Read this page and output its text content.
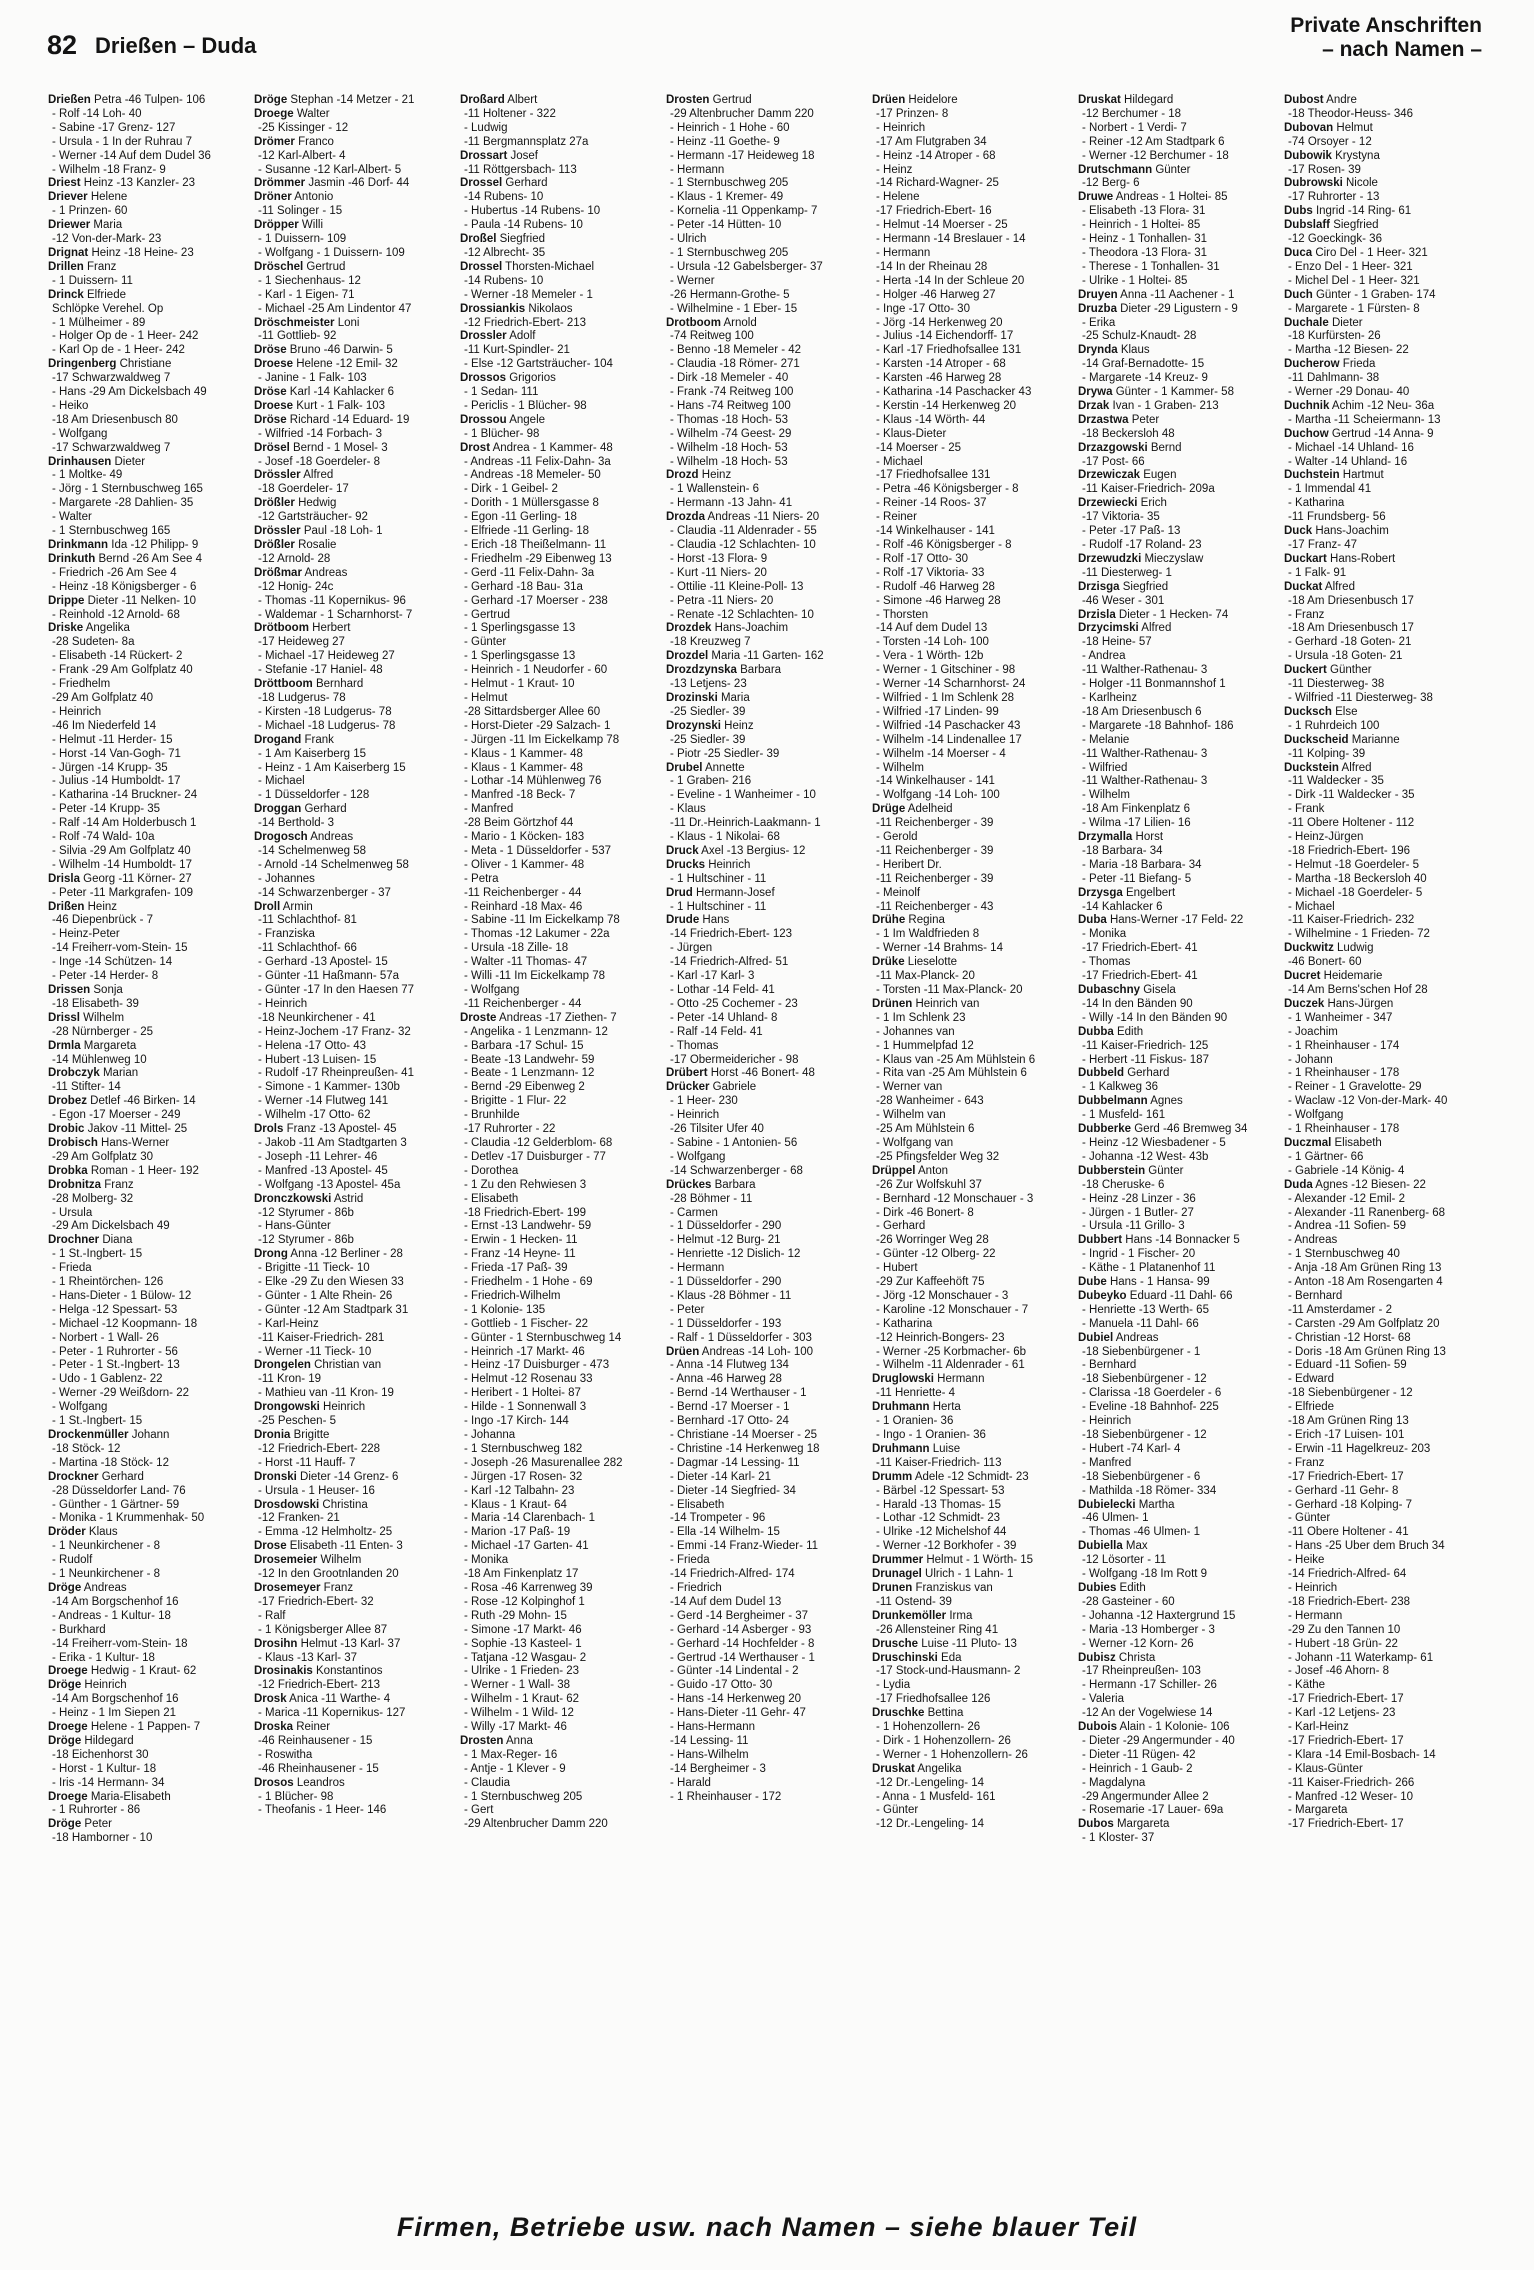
82 Drießen – Duda
Private Anschriften
– nach Namen –
Drießen Petra -46 Tulpen- 106
- Rolf -14 Loh- 40
- Sabine -17 Grenz- 127
- Ursula - 1 In der Ruhrau 7
- Werner -14 Auf dem Dudel 36
- Wilhelm -18 Franz- 9
Driest Heinz -13 Kanzler- 23
Driever Helene
- 1 Prinzen- 60
Driewer Maria
-12 Von-der-Mark- 23
Drignat Heinz -18 Heine- 23
Drillen Franz
- 1 Duissern- 11
Drinck Elfriede
Schlöpke Verehel. Op
- 1 Mülheimer - 89
- Holger Op de - 1 Heer- 242
- Karl Op de - 1 Heer- 242
Dringenberg Christiane
-17 Schwarzwaldweg 7
- Hans -29 Am Dickelsbach 49
- Heiko
-18 Am Driesenbusch 80
- Wolfgang
-17 Schwarzwaldweg 7
Drinhausen Dieter
- 1 Moltke- 49
- Jörg - 1 Sternbuschweg 165
- Margarete -28 Dahlien- 35
- Walter
- 1 Sternbuschweg 165
Drinkmann Ida -12 Philipp- 9
Drinkuth Bernd -26 Am See 4
- Friedrich -26 Am See 4
- Heinz -18 Königsberger - 6
Drippe Dieter -11 Nelken- 10
- Reinhold -12 Arnold- 68
Driske Angelika
-28 Sudeten- 8a
- Elisabeth -14 Rückert- 2
- Frank -29 Am Golfplatz 40
- Friedhelm
-29 Am Golfplatz 40
- Heinrich
-46 Im Niederfeld 14
- Helmut -11 Herder- 15
- Horst -14 Van-Gogh- 71
- Jürgen -14 Krupp- 35
- Julius -14 Humboldt- 17
- Katharina -14 Bruckner- 24
- Peter -14 Krupp- 35
- Ralf -14 Am Holderbusch 1
- Rolf -74 Wald- 10a
- Silvia -29 Am Golfplatz 40
- Wilhelm -14 Humboldt- 17
Drisla Georg -11 Körner- 27
- Peter -11 Markgrafen- 109
Drißen Heinz
-46 Diepenbrück - 7
- Heinz-Peter
-14 Freiherr-vom-Stein- 15
- Inge -14 Schützen- 14
- Peter -14 Herder- 8
Drissen Sonja
-18 Elisabeth- 39
Drissl Wilhelm
-28 Nürnberger - 25
Drmla Margareta
-14 Mühlenweg 10
Drobczyk Marian
-11 Stifter- 14
Drobez Detlef -46 Birken- 14
- Egon -17 Moerser - 249
Drobic Jakov -11 Mittel- 25
Drobisch Hans-Werner
-29 Am Golfplatz 30
Drobka Roman - 1 Heer- 192
Drobnitza Franz
-28 Molberg- 32
- Ursula
-29 Am Dickelsbach 49
Drochner Diana
- 1 St.-Ingbert- 15
- Frieda
- 1 Rheintörchen- 126
- Hans-Dieter - 1 Bülow- 12
- Helga -12 Spessart- 53
- Michael -12 Koopmann- 18
- Norbert - 1 Wall- 26
- Peter - 1 Ruhrorter - 56
- Peter - 1 St.-Ingbert- 13
- Udo - 1 Gablenz- 22
- Werner -29 Weißdorn- 22
- Wolfgang
- 1 St.-Ingbert- 15
Drockenmüller Johann
-18 Stöck- 12
- Martina -18 Stöck- 12
Drockner Gerhard
-28 Düsseldorfer Land- 76
- Günther - 1 Gärtner- 59
- Monika - 1 Krummenhak- 50
Dröder Klaus
- 1 Neunkirchener - 8
- Rudolf
- 1 Neunkirchener - 8
Dröge Andreas
-14 Am Borgschenhof 16
- Andreas - 1 Kultur- 18
- Burkhard
-14 Freiherr-vom-Stein- 18
- Erika - 1 Kultur- 18
Droege Hedwig - 1 Kraut- 62
Dröge Heinrich
-14 Am Borgschenhof 16
- Heinz - 1 Im Siepen 21
Droege Helene - 1 Pappen- 7
Dröge Hildegard
-18 Eichenhorst 30
- Horst - 1 Kultur- 18
- Iris -14 Hermann- 34
Droege Maria-Elisabeth
- 1 Ruhrorter - 86
Dröge Peter
-18 Hamborner - 10
Dröge Stephan -14 Metzer - 21
Droege Walter
-25 Kissinger - 12
Drömer Franco
-12 Karl-Albert- 4
- Susanne -12 Karl-Albert- 5
Drömmer Jasmin -46 Dorf- 44
Dröner Antonio
-11 Solinger - 15
Dröpper Willi
- 1 Duissern- 109
- Wolfgang - 1 Duissern- 109
Dröschel Gertrud
- 1 Siechenhaus- 12
- Karl - 1 Eigen- 71
- Michael -25 Am Lindentor 47
Dröschmeister Loni
-11 Gottlieb- 92
Dröse Bruno -46 Darwin- 5
Droese Helene -12 Emil- 32
- Janine - 1 Falk- 103
Dröse Karl -14 Kahlacker 6
Droese Kurt - 1 Falk- 103
Dröse Richard -14 Eduard- 19
- Wilfried -14 Forbach- 3
Drösel Bernd - 1 Mosel- 3
- Josef -18 Goerdeler- 8
Drössler Alfred
-18 Goerdeler- 17
Drößler Hedwig
-12 Gartsträucher- 92
Drössler Paul -18 Loh- 1
Drößler Rosalie
-12 Arnold- 28
Drößmar Andreas
-12 Honig- 24c
- Thomas -11 Kopernikus- 96
- Waldemar - 1 Scharnhorst- 7
Drötboom Herbert
-17 Heideweg 27
- Michael -17 Heideweg 27
- Stefanie -17 Haniel- 48
Dröttboom Bernhard
-18 Ludgerus- 78
- Kirsten -18 Ludgerus- 78
- Michael -18 Ludgerus- 78
Drogand Frank
- 1 Am Kaiserberg 15
- Heinz - 1 Am Kaiserberg 15
- Michael
- 1 Düsseldorfer - 128
Droggan Gerhard
-14 Berthold- 3
Drogosch Andreas
-14 Schelmenweg 58
- Arnold -14 Schelmenweg 58
- Johannes
-14 Schwarzenberger - 37
Droll Armin
-11 Schlachthof- 81
- Franziska
-11 Schlachthof- 66
- Gerhard -13 Apostel- 15
- Günter -11 Haßmann- 57a
- Günter -17 In den Haesen 77
- Heinrich
-18 Neunkirchener - 41
- Heinz-Jochem -17 Franz- 32
- Helena -17 Otto- 43
- Hubert -13 Luisen- 15
- Rudolf -17 Rheinpreußen- 41
- Simone - 1 Kammer- 130b
- Werner -14 Flutweg 141
- Wilhelm -17 Otto- 62
Drols Franz -13 Apostel- 45
- Jakob -11 Am Stadtgarten 3
- Joseph -11 Lehrer- 46
- Manfred -13 Apostel- 45
- Wolfgang -13 Apostel- 45a
Dronczkowski Astrid
-12 Styrumer - 86b
- Hans-Günter
-12 Styrumer - 86b
Drong Anna -12 Berliner - 28
- Brigitte -11 Tieck- 10
- Elke -29 Zu den Wiesen 33
- Günter - 1 Alte Rhein- 26
- Günter -12 Am Stadtpark 31
- Karl-Heinz
-11 Kaiser-Friedrich- 281
- Werner -11 Tieck- 10
Drongelen Christian van
-11 Kron- 19
- Mathieu van -11 Kron- 19
Drongowski Heinrich
-25 Peschen- 5
Dronia Brigitte
-12 Friedrich-Ebert- 228
- Horst -11 Hauff- 7
Dronski Dieter -14 Grenz- 6
- Ursula - 1 Heuser- 16
Drosdowski Christina
-12 Franken- 21
- Emma -12 Helmholtz- 25
Drose Elisabeth -11 Enten- 3
Drosemeier Wilhelm
-12 In den Grootnlanden 20
Drosemeyer Franz
-17 Friedrich-Ebert- 32
- Ralf
- 1 Königsberger Allee 87
Drosihn Helmut -13 Karl- 37
- Klaus -13 Karl- 37
Drosinakis Konstantinos
-12 Friedrich-Ebert- 213
Drosk Anica -11 Warthe- 4
- Marica -11 Kopernikus- 127
Droska Reiner
-46 Reinhausener - 15
- Roswitha
-46 Rheinhausener - 15
Drosos Leandros
- 1 Blücher- 98
- Theofanis - 1 Heer- 146
Droßard Albert
-11 Holtener - 322
- Ludwig
-11 Bergmannsplatz 27a
Drossart Josef
-11 Röttgersbach- 113
Drossel Gerhard
-14 Rubens- 10
- Hubertus -14 Rubens- 10
- Paula -14 Rubens- 10
Droßel Siegfried
-12 Albrecht- 35
Drossel Thorsten-Michael
-14 Rubens- 10
- Werner -18 Memeler - 1
Drossiankis Nikolaos
-12 Friedrich-Ebert- 213
Drossler Adolf
-11 Kurt-Spindler- 21
- Else -12 Gartsträucher- 104
Drossos Grigorios
- 1 Sedan- 111
- Periclis - 1 Blücher- 98
Drossou Angele
- 1 Blücher- 98
Drost Andrea - 1 Kammer- 48
- Andreas -11 Felix-Dahn- 3a
- Andreas -18 Memeler- 50
- Dirk - 1 Geibel- 2
- Dorith - 1 Müllersgasse 8
- Egon -11 Gerling- 18
- Elfriede -11 Gerling- 18
- Erich -18 Theißelmann- 11
- Friedhelm -29 Eibenweg 13
- Gerd -11 Felix-Dahn- 3a
- Gerhard -18 Bau- 31a
- Gerhard -17 Moerser - 238
- Gertrud
- 1 Sperlingsgasse 13
- Günter
- 1 Sperlingsgasse 13
- Heinrich - 1 Neudorfer - 60
- Helmut - 1 Kraut- 10
- Helmut
-28 Sittardsberger Allee 60
- Horst-Dieter -29 Salzach- 1
- Jürgen -11 Im Eickelkamp 78
- Klaus - 1 Kammer- 48
- Klaus - 1 Kammer- 48
- Lothar -14 Mühlenweg 76
- Manfred -18 Beck- 7
- Manfred
-28 Beim Görtzhof 44
- Mario - 1 Köcken- 183
- Meta - 1 Düsseldorfer - 537
- Oliver - 1 Kammer- 48
- Petra
-11 Reichenberger - 44
- Reinhard -18 Max- 46
- Sabine -11 Im Eickelkamp 78
- Thomas -12 Lakumer - 22a
- Ursula -18 Zille- 18
- Walter -11 Thomas- 47
- Willi -11 Im Eickelkamp 78
- Wolfgang
-11 Reichenberger - 44
Droste Andreas -17 Ziethen- 7
- Angelika - 1 Lenzmann- 12
- Barbara -17 Schul- 15
- Beate -13 Landwehr- 59
- Beate - 1 Lenzmann- 12
- Bernd -29 Eibenweg 2
- Brigitte - 1 Flur- 22
- Brunhilde
-17 Ruhrorter - 22
- Claudia -12 Gelderblom- 68
- Detlev -17 Duisburger - 77
- Dorothea
- 1 Zu den Rehwiesen 3
- Elisabeth
-18 Friedrich-Ebert- 199
- Ernst -13 Landwehr- 59
- Erwin - 1 Hecken- 11
- Franz -14 Heyne- 11
- Frieda -17 Paß- 39
- Friedhelm - 1 Hohe - 69
- Friedrich-Wilhelm
- 1 Kolonie- 135
- Gottlieb - 1 Fischer- 22
- Günter - 1 Sternbuschweg 14
- Heinrich -17 Markt- 46
- Heinz -17 Duisburger - 473
- Helmut -12 Rosenau 33
- Heribert - 1 Holtei- 87
- Hilde - 1 Sonnenwall 3
- Ingo -17 Kirch- 144
- Johanna
- 1 Sternbuschweg 182
- Joseph -26 Masurenallee 282
- Jürgen -17 Rosen- 32
- Karl -12 Talbahn- 23
- Klaus - 1 Kraut- 64
- Maria -14 Clarenbach- 1
- Marion -17 Paß- 19
- Michael -17 Garten- 41
- Monika
-18 Am Finkenplatz 17
- Rosa -46 Karrenweg 39
- Rose -12 Kolpinghof 1
- Ruth -29 Mohn- 15
- Simone -17 Markt- 46
- Sophie -13 Kasteel- 1
- Tatjana -12 Wasgau- 2
- Ulrike - 1 Frieden- 23
- Werner - 1 Wall- 38
- Wilhelm - 1 Kraut- 62
- Wilhelm - 1 Wild- 12
- Willy -17 Markt- 46
Drosten Anna
- 1 Max-Reger- 16
- Antje - 1 Klever - 9
- Claudia
- 1 Sternbuschweg 205
- Gert
-29 Altenbrucher Damm 220
Drosten Gertrud
-29 Altenbrucher Damm 220
- Heinrich - 1 Hohe - 60
- Heinz -11 Goethe- 9
- Hermann -17 Heideweg 18
- Hermann
- 1 Sternbuschweg 205
- Klaus - 1 Kremer- 49
- Kornelia -11 Oppenkamp- 7
- Peter -14 Hütten- 10
- Ulrich
- 1 Sternbuschweg 205
- Ursula -12 Gabelsberger- 37
- Werner
-26 Hermann-Grothe- 5
- Wilhelmine - 1 Eber- 15
Drotboom Arnold
-74 Reitweg 100
- Benno -18 Memeler - 42
- Claudia -18 Römer- 271
- Dirk -18 Memeler - 40
- Frank -74 Reitweg 100
- Hans -74 Reitweg 100
- Thomas -18 Hoch- 53
- Wilhelm -74 Geest- 29
- Wilhelm -18 Hoch- 53
- Wilhelm -18 Hoch- 53
Drozd Heinz
- 1 Wallenstein- 6
- Hermann -13 Jahn- 41
Drozda Andreas -11 Niers- 20
- Claudia -11 Aldenrader - 55
- Claudia -12 Schlachten- 10
- Horst -13 Flora- 9
- Kurt -11 Niers- 20
- Ottilie -11 Kleine-Poll- 13
- Petra -11 Niers- 20
- Renate -12 Schlachten- 10
Drozdek Hans-Joachim
-18 Kreuzweg 7
Drozdel Maria -11 Garten- 162
Drozdzynska Barbara
-13 Letjens- 23
Drozinski Maria
-25 Siedler- 39
Drozynski Heinz
-25 Siedler- 39
- Piotr -25 Siedler- 39
Drubel Annette
- 1 Graben- 216
- Eveline - 1 Wanheimer - 10
- Klaus
-11 Dr.-Heinrich-Laakmann- 1
- Klaus - 1 Nikolai- 68
Druck Axel -13 Bergius- 12
Drucks Heinrich
- 1 Hultschiner - 11
Drud Hermann-Josef
- 1 Hultschiner - 11
Drude Hans
-14 Friedrich-Ebert- 123
- Jürgen
-14 Friedrich-Alfred- 51
- Karl -17 Karl- 3
- Lothar -14 Feld- 41
- Otto -25 Cochemer - 23
- Peter -14 Uhland- 8
- Ralf -14 Feld- 41
- Thomas
-17 Obermeidericher - 98
Drübert Horst -46 Bonert- 48
Drücker Gabriele
- 1 Heer- 230
- Heinrich
-26 Tilsiter Ufer 40
- Sabine - 1 Antonien- 56
- Wolfgang
-14 Schwarzenberger - 68
Drückes Barbara
-28 Böhmer - 11
- Carmen
- 1 Düsseldorfer - 290
- Helmut -12 Burg- 21
- Henriette -12 Dislich- 12
- Hermann
- 1 Düsseldorfer - 290
- Klaus -28 Böhmer - 11
- Peter
- 1 Düsseldorfer - 193
- Ralf - 1 Düsseldorfer - 303
Drüen Andreas -14 Loh- 100
- Anna -14 Flutweg 134
- Anna -46 Harweg 28
- Bernd -14 Werthauser - 1
- Bernd -17 Moerser - 1
- Bernhard -17 Otto- 24
- Christiane -14 Moerser - 25
- Christine -14 Herkenweg 18
- Dagmar -14 Lessing- 11
- Dieter -14 Karl- 21
- Dieter -14 Siegfried- 34
- Elisabeth
-14 Trompeter - 96
- Ella -14 Wilhelm- 15
- Emmi -14 Franz-Wieder- 11
- Frieda
-14 Friedrich-Alfred- 174
- Friedrich
-14 Auf dem Dudel 13
- Gerd -14 Bergheimer - 37
- Gerhard -14 Asberger - 93
- Gerhard -14 Hochfelder - 8
- Gertrud -14 Werthauser - 1
- Günter -14 Lindental - 2
- Guido -17 Otto- 30
- Hans -14 Herkenweg 20
- Hans-Dieter -11 Gehr- 47
- Hans-Hermann
-14 Lessing- 11
- Hans-Wilhelm
-14 Bergheimer - 3
- Harald
- 1 Rheinhauser - 172
Drüen Heidelore
-17 Prinzen- 8
- Heinrich
-17 Am Flutgraben 34
- Heinz -14 Atroper - 68
- Heinz
-14 Richard-Wagner- 25
- Helene
-17 Friedrich-Ebert- 16
- Helmut -14 Moerser - 25
- Hermann -14 Breslauer - 14
- Hermann
-14 In der Rheinau 28
- Herta -14 In der Schleue 20
- Holger -46 Harweg 27
- Inge -17 Otto- 30
- Jörg -14 Herkenweg 20
- Julius -14 Eichendorff- 17
- Karl -17 Friedhofsallee 131
- Karsten -14 Atroper - 68
- Karsten -46 Harweg 28
- Katharina -14 Paschacker 43
- Kerstin -14 Herkenweg 20
- Klaus -14 Wörth- 44
- Klaus-Dieter
-14 Moerser - 25
- Michael
-17 Friedhofsallee 131
- Petra -46 Königsberger - 8
- Reiner -14 Roos- 37
- Reiner
-14 Winkelhauser - 141
- Rolf -46 Königsberger - 8
- Rolf -17 Otto- 30
- Rolf -17 Viktoria- 33
- Rudolf -46 Harweg 28
- Simone -46 Harweg 28
- Thorsten
-14 Auf dem Dudel 13
- Torsten -14 Loh- 100
- Vera - 1 Wörth- 12b
- Werner - 1 Gitschiner - 98
- Werner -14 Scharnhorst- 24
- Wilfried - 1 Im Schlenk 28
- Wilfried -17 Linden- 99
- Wilfried -14 Paschacker 43
- Wilhelm -14 Lindenallee 17
- Wilhelm -14 Moerser - 4
- Wilhelm
-14 Winkelhauser - 141
- Wolfgang -14 Loh- 100
Drüge Adelheid
-11 Reichenberger - 39
- Gerold
-11 Reichenberger - 39
- Heribert Dr.
-11 Reichenberger - 39
- Meinolf
-11 Reichenberger - 43
Drühe Regina
- 1 Im Waldfrieden 8
- Werner -14 Brahms- 14
Drüke Lieselotte
-11 Max-Planck- 20
- Torsten -11 Max-Planck- 20
Drünen Heinrich van
- 1 Im Schlenk 23
- Johannes van
- 1 Hummelpfad 12
- Klaus van -25 Am Mühlstein 6
- Rita van -25 Am Mühlstein 6
- Werner van
-28 Wanheimer - 643
- Wilhelm van
-25 Am Mühlstein 6
- Wolfgang van
-25 Pfingsfelder Weg 32
Drüppel Anton
-26 Zur Wolfskuhl 37
- Bernhard -12 Monschauer - 3
- Dirk -46 Bonert- 8
- Gerhard
-26 Worringer Weg 28
- Günter -12 Ölberg- 22
- Hubert
-29 Zur Kaffeehöft 75
- Jörg -12 Monschauer - 3
- Karoline -12 Monschauer - 7
- Katharina
-12 Heinrich-Bongers- 23
- Werner -25 Korbmacher- 6b
- Wilhelm -11 Aldenrader - 61
Druglowski Hermann
-11 Henriette- 4
Druhmann Herta
- 1 Oranien- 36
- Ingo - 1 Oranien- 36
Druhmann Luise
-11 Kaiser-Friedrich- 113
Drumm Adele -12 Schmidt- 23
- Bärbel -12 Spessart- 53
- Harald -13 Thomas- 15
- Lothar -12 Schmidt- 23
- Ulrike -12 Michelshof 44
- Werner -12 Borkhofer - 39
Drummer Helmut - 1 Wörth- 15
Drunagel Ulrich - 1 Lahn- 1
Drunen Franziskus van
-11 Ostend- 39
Drunkemöller Irma
-26 Allensteiner Ring 41
Drusche Luise -11 Pluto- 13
Druschinski Eda
-17 Stock-und-Hausmann- 2
- Lydia
-17 Friedhofsallee 126
Druschke Bettina
- 1 Hohenzollern- 26
- Dirk - 1 Hohenzollern- 26
- Werner - 1 Hohenzollern- 26
Druskat Angelika
-12 Dr.-Lengeling- 14
- Anna - 1 Musfeld- 161
- Günter
-12 Dr.-Lengeling- 14
Druskat Hildegard
-12 Berchumer - 18
- Norbert - 1 Verdi- 7
- Reiner -12 Am Stadtpark 6
- Werner -12 Berchumer - 18
Drutschmann Günter
-12 Berg- 6
Druwe Andreas - 1 Holtei- 85
- Elisabeth -13 Flora- 31
- Heinrich - 1 Holtei- 85
- Heinz - 1 Tonhallen- 31
- Theodora -13 Flora- 31
- Therese - 1 Tonhallen- 31
- Ulrike - 1 Holtei- 85
Druyen Anna -11 Aachener - 1
Druzba Dieter -29 Ligustern - 9
- Erika
-25 Schulz-Knaudt- 28
Drynda Klaus
-14 Graf-Bernadotte- 15
- Margarete -14 Kreuz- 9
Drywa Günter - 1 Kammer- 58
Drzak Ivan - 1 Graben- 213
Drzastwa Peter
-18 Beckersloh 48
Drzazgowski Bernd
-17 Post- 66
Drzewiczak Eugen
-11 Kaiser-Friedrich- 209a
Drzewiecki Erich
-17 Viktoria- 35
- Peter -17 Paß- 13
- Rudolf -17 Roland- 23
Drzewudzki Mieczyslaw
-11 Diesterweg- 1
Drzisga Siegfried
-46 Weser - 301
Drzisla Dieter - 1 Hecken- 74
Drzycimski Alfred
-18 Heine- 57
- Andrea
-11 Walther-Rathenau- 3
- Holger -11 Bonmannshof 1
- Karlheinz
-18 Am Driesenbusch 6
- Margarete -18 Bahnhof- 186
- Melanie
-11 Walther-Rathenau- 3
- Wilfried
-11 Walther-Rathenau- 3
- Wilhelm
-18 Am Finkenplatz 6
- Wilma -17 Lilien- 16
Drzymalla Horst
-18 Barbara- 34
- Maria -18 Barbara- 34
- Peter -11 Biefang- 5
Drzysga Engelbert
-14 Kahlacker 6
Duba Hans-Werner -17 Feld- 22
- Monika
-17 Friedrich-Ebert- 41
- Thomas
-17 Friedrich-Ebert- 41
Dubaschny Gisela
-14 In den Bänden 90
- Willy -14 In den Bänden 90
Dubba Edith
-11 Kaiser-Friedrich- 125
- Herbert -11 Fiskus- 187
Dubbeld Gerhard
- 1 Kalkweg 36
Dubbelmann Agnes
- 1 Musfeld- 161
Dubberke Gerd -46 Bremweg 34
- Heinz -12 Wiesbadener - 5
- Johanna -12 West- 43b
Dubberstein Günter
-18 Cheruske- 6
- Heinz -28 Linzer - 36
- Jürgen - 1 Butler- 27
- Ursula -11 Grillo- 3
Dubbert Hans -14 Bonnacker 5
- Ingrid - 1 Fischer- 20
- Käthe - 1 Platanenhof 11
Dube Hans - 1 Hansa- 99
Dubeyko Eduard -11 Dahl- 66
- Henriette -13 Werth- 65
- Manuela -11 Dahl- 66
Dubiel Andreas
-18 Siebenbürgener - 1
- Bernhard
-18 Siebenbürgener - 12
- Clarissa -18 Goerdeler - 6
- Eveline -18 Bahnhof- 225
- Heinrich
-18 Siebenbürgener - 12
- Hubert -74 Karl- 4
- Manfred
-18 Siebenbürgener - 6
- Mathilda -18 Römer- 334
Dubielecki Martha
-46 Ulmen- 1
- Thomas -46 Ulmen- 1
Dubiella Max
-12 Lösorter - 11
- Wolfgang -18 Im Rott 9
Dubies Edith
-28 Gasteiner - 60
- Johanna -12 Haxtergrund 15
- Maria -13 Homberger - 3
- Werner -12 Korn- 26
Dubisz Christa
-17 Rheinpreußen- 103
- Hermann -17 Schiller- 26
- Valeria
-12 An der Vogelwiese 14
Dubois Alain - 1 Kolonie- 106
- Dieter -29 Angermunder - 40
- Dieter -11 Rügen- 42
- Heinrich - 1 Gaub- 2
- Magdalyna
-29 Angermunder Allee 2
- Rosemarie -17 Lauer- 69a
Dubos Margareta
- 1 Kloster- 37
Dubost Andre
-18 Theodor-Heuss- 346
Dubovan Helmut
-74 Orsoyer - 12
Dubowik Krystyna
-17 Rosen- 39
Dubrowski Nicole
-17 Ruhrorter - 13
Dubs Ingrid -14 Ring- 61
Dubslaff Siegfried
-12 Goeckingk- 36
Duca Ciro Del - 1 Heer- 321
- Enzo Del - 1 Heer- 321
- Michel Del - 1 Heer- 321
Duch Günter - 1 Graben- 174
- Margarete - 1 Fürsten- 8
Duchale Dieter
-18 Kurfürsten- 26
- Martha -12 Biesen- 22
Ducherow Frieda
-11 Dahlmann- 38
- Werner -29 Donau- 40
Duchnik Achim -12 Neu- 36a
- Martha -11 Scheiermann- 13
Duchow Gertrud -14 Anna- 9
- Michael -14 Uhland- 16
- Walter -14 Uhland- 16
Duchstein Hartmut
- 1 Immendal 41
- Katharina
-11 Frundsberg- 56
Duck Hans-Joachim
-17 Franz- 47
Duckart Hans-Robert
- 1 Falk- 91
Duckat Alfred
-18 Am Driesenbusch 17
- Franz
-18 Am Driesenbusch 17
- Gerhard -18 Goten- 21
- Ursula -18 Goten- 21
Duckert Günther
-11 Diesterweg- 38
- Wilfried -11 Diesterweg- 38
Ducksch Else
- 1 Ruhrdeich 100
Duckscheid Marianne
-11 Kolping- 39
Duckstein Alfred
-11 Waldecker - 35
- Dirk -11 Waldecker - 35
- Frank
-11 Obere Holtener - 112
- Heinz-Jürgen
-18 Friedrich-Ebert- 196
- Helmut -18 Goerdeler- 5
- Martha -18 Beckersloh 40
- Michael -18 Goerdeler- 5
- Michael
-11 Kaiser-Friedrich- 232
- Wilhelmine - 1 Frieden- 72
Duckwitz Ludwig
-46 Bonert- 60
Ducret Heidemarie
-14 Am Berns'schen Hof 28
Duczek Hans-Jürgen
- 1 Wanheimer - 347
- Joachim
- 1 Rheinhauser - 174
- Johann
- 1 Rheinhauser - 178
- Reiner - 1 Gravelotte- 29
- Waclaw -12 Von-der-Mark- 40
- Wolfgang
- 1 Rheinhauser - 178
Duczmal Elisabeth
- 1 Gärtner- 66
- Gabriele -14 König- 4
Duda Agnes -12 Biesen- 22
- Alexander -12 Emil- 2
- Alexander -11 Ranenberg- 68
- Andrea -11 Sofien- 59
- Andreas
- 1 Sternbuschweg 40
- Anja -18 Am Grünen Ring 13
- Anton -18 Am Rosengarten 4
- Bernhard
-11 Amsterdamer - 2
- Carsten -29 Am Golfplatz 20
- Christian -12 Horst- 68
- Doris -18 Am Grünen Ring 13
- Eduard -11 Sofien- 59
- Edward
-18 Siebenbürgener - 12
- Elfriede
-18 Am Grünen Ring 13
- Erich -17 Luisen- 101
- Erwin -11 Hagelkreuz- 203
- Franz
-17 Friedrich-Ebert- 17
- Gerhard -11 Gehr- 8
- Gerhard -18 Kolping- 7
- Günter
-11 Obere Holtener - 41
- Hans -25 Über dem Bruch 34
- Heike
-14 Friedrich-Alfred- 64
- Heinrich
-18 Friedrich-Ebert- 238
- Hermann
-29 Zu den Tannen 10
- Hubert -18 Grün- 22
- Johann -11 Waterkamp- 61
- Josef -46 Ahorn- 8
- Käthe
-17 Friedrich-Ebert- 17
- Karl -12 Letjens- 23
- Karl-Heinz
-17 Friedrich-Ebert- 17
- Klara -14 Emil-Bosbach- 14
- Klaus-Günter
-11 Kaiser-Friedrich- 266
- Manfred -12 Weser- 10
- Margareta
-17 Friedrich-Ebert- 17
Firmen, Betriebe usw. nach Namen – siehe blauer Teil
